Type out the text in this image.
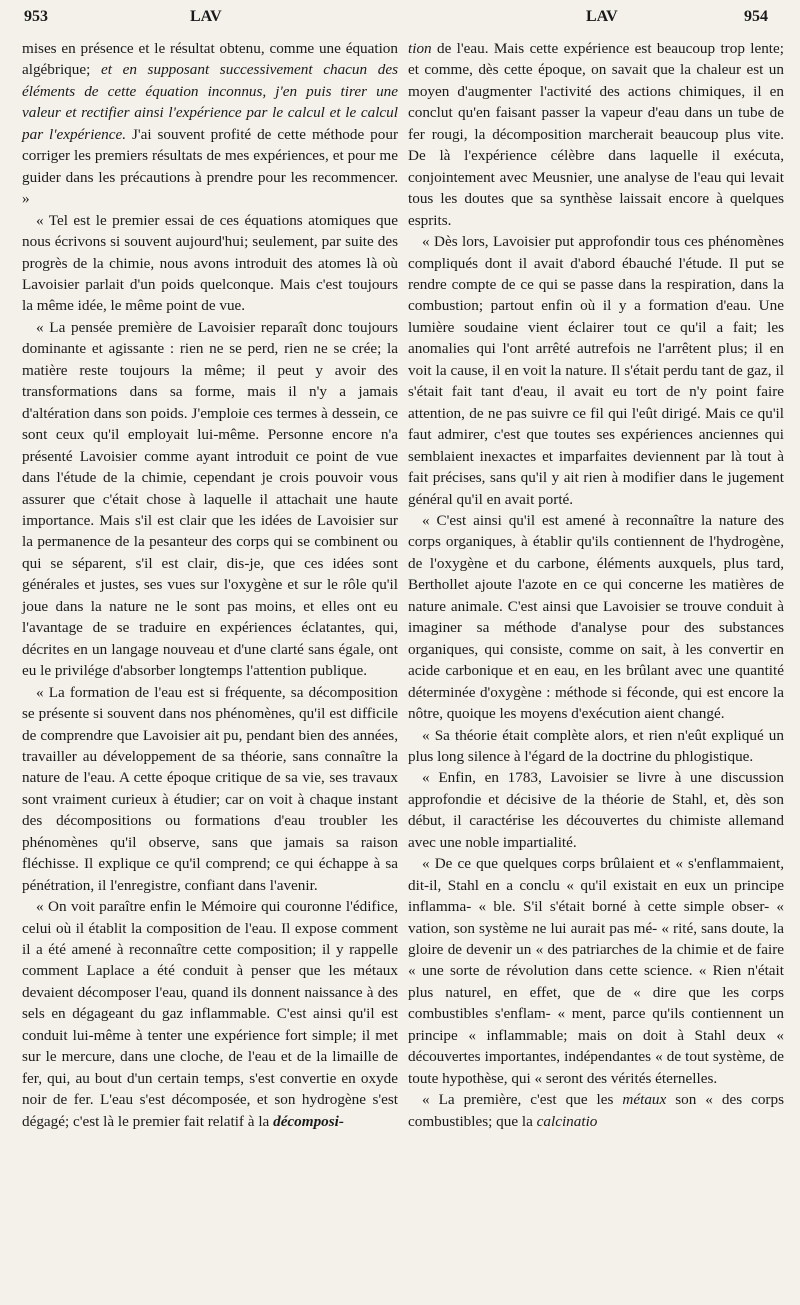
953	LAV	LAV	954

mises en présence et le résultat obtenu, comme une équation algébrique; et en supposant successivement chacun des éléments de cette équation inconnus, j'en puis tirer une valeur et rectifier ainsi l'expérience par le calcul et le calcul par l'expérience. J'ai souvent profité de cette méthode pour corriger les premiers résultats de mes expériences, et pour me guider dans les précautions à prendre pour les recommencer. »

« Tel est le premier essai de ces équations atomiques que nous écrivons si souvent aujourd'hui; seulement, par suite des progrès de la chimie, nous avons introduit des atomes là où Lavoisier parlait d'un poids quelconque. Mais c'est toujours la même idée, le même point de vue.

« La pensée première de Lavoisier reparaît donc toujours dominante et agissante : rien ne se perd, rien ne se crée; la matière reste toujours la même; il peut y avoir des transformations dans sa forme, mais il n'y a jamais d'altération dans son poids. J'emploie ces termes à dessein, ce sont ceux qu'il employait lui-même. Personne encore n'a présenté Lavoisier comme ayant introduit ce point de vue dans l'étude de la chimie, cependant je crois pouvoir vous assurer que c'était chose à laquelle il attachait une haute importance. Mais s'il est clair que les idées de Lavoisier sur la permanence de la pesanteur des corps qui se combinent ou qui se séparent, s'il est clair, dis-je, que ces idées sont générales et justes, ses vues sur l'oxygène et sur le rôle qu'il joue dans la nature ne le sont pas moins, et elles ont eu l'avantage de se traduire en expériences éclatantes, qui, décrites en un langage nouveau et d'une clarté sans égale, ont eu le privilége d'absorber longtemps l'attention publique.

« La formation de l'eau est si fréquente, sa décomposition se présente si souvent dans nos phénomènes, qu'il est difficile de comprendre que Lavoisier ait pu, pendant bien des années, travailler au développement de sa théorie, sans connaître la nature de l'eau. A cette époque critique de sa vie, ses travaux sont vraiment curieux à étudier; car on voit à chaque instant des décompositions ou formations d'eau troubler les phénomènes qu'il observe, sans que jamais sa raison fléchisse. Il explique ce qu'il comprend; ce qui échappe à sa pénétration, il l'enregistre, confiant dans l'avenir.

« On voit paraître enfin le Mémoire qui couronne l'édifice, celui où il établit la composition de l'eau. Il expose comment il a été amené à reconnaître cette composition; il y rappelle comment Laplace a été conduit à penser que les métaux devaient décomposer l'eau, quand ils donnent naissance à des sels en dégageant du gaz inflammable. C'est ainsi qu'il est conduit lui-même à tenter une expérience fort simple; il met sur le mercure, dans une cloche, de l'eau et de la limaille de fer, qui, au bout d'un certain temps, s'est convertie en oxyde noir de fer. L'eau s'est décomposée, et son hydrogène s'est dégagé; c'est là le premier fait relatif à la décomposi-

tion de l'eau. Mais cette expérience est beaucoup trop lente; et comme, dès cette époque, on savait que la chaleur est un moyen d'augmenter l'activité des actions chimiques, il en conclut qu'en faisant passer la vapeur d'eau dans un tube de fer rougi, la décomposition marcherait beaucoup plus vite. De là l'expérience célèbre dans laquelle il exécuta, conjointement avec Meusnier, une analyse de l'eau qui levait tous les doutes que sa synthèse laissait encore à quelques esprits.

« Dès lors, Lavoisier put approfondir tous ces phénomènes compliqués dont il avait d'abord ébauché l'étude. Il put se rendre compte de ce qui se passe dans la respiration, dans la combustion; partout enfin où il y a formation d'eau. Une lumière soudaine vient éclairer tout ce qu'il a fait; les anomalies qui l'ont arrêté autrefois ne l'arrêtent plus; il en voit la cause, il en voit la nature. Il s'était perdu tant de gaz, il s'était fait tant d'eau, il avait eu tort de n'y point faire attention, de ne pas suivre ce fil qui l'eût dirigé. Mais ce qu'il faut admirer, c'est que toutes ses expériences anciennes qui semblaient inexactes et imparfaites deviennent par là tout à fait précises, sans qu'il y ait rien à modifier dans le jugement général qu'il en avait porté.

« C'est ainsi qu'il est amené à reconnaître la nature des corps organiques, à établir qu'ils contiennent de l'hydrogène, de l'oxygène et du carbone, éléments auxquels, plus tard, Berthollet ajoute l'azote en ce qui concerne les matières de nature animale. C'est ainsi que Lavoisier se trouve conduit à imaginer sa méthode d'analyse pour des substances organiques, qui consiste, comme on sait, à les convertir en acide carbonique et en eau, en les brûlant avec une quantité déterminée d'oxygène : méthode si féconde, qui est encore la nôtre, quoique les moyens d'exécution aient changé.

« Sa théorie était complète alors, et rien n'eût expliqué un plus long silence à l'égard de la doctrine du phlogistique.

« Enfin, en 1783, Lavoisier se livre à une discussion approfondie et décisive de la théorie de Stahl, et, dès son début, il caractérise les découvertes du chimiste allemand avec une noble impartialité.

« De ce que quelques corps brûlaient et « s'enflammaient, dit-il, Stahl en a conclu « qu'il existait en eux un principe inflamma- « ble. S'il s'était borné à cette simple obser- « vation, son système ne lui aurait pas mé- « rité, sans doute, la gloire de devenir un « des patriarches de la chimie et de faire « une sorte de révolution dans cette science. « Rien n'était plus naturel, en effet, que de « dire que les corps combustibles s'enflam- « ment, parce qu'ils contiennent un principe « inflammable; mais on doit à Stahl deux « découvertes importantes, indépendantes « de tout système, de toute hypothèse, qui « seront des vérités éternelles.

« La première, c'est que les métaux son « des corps combustibles; que la calcinatio
